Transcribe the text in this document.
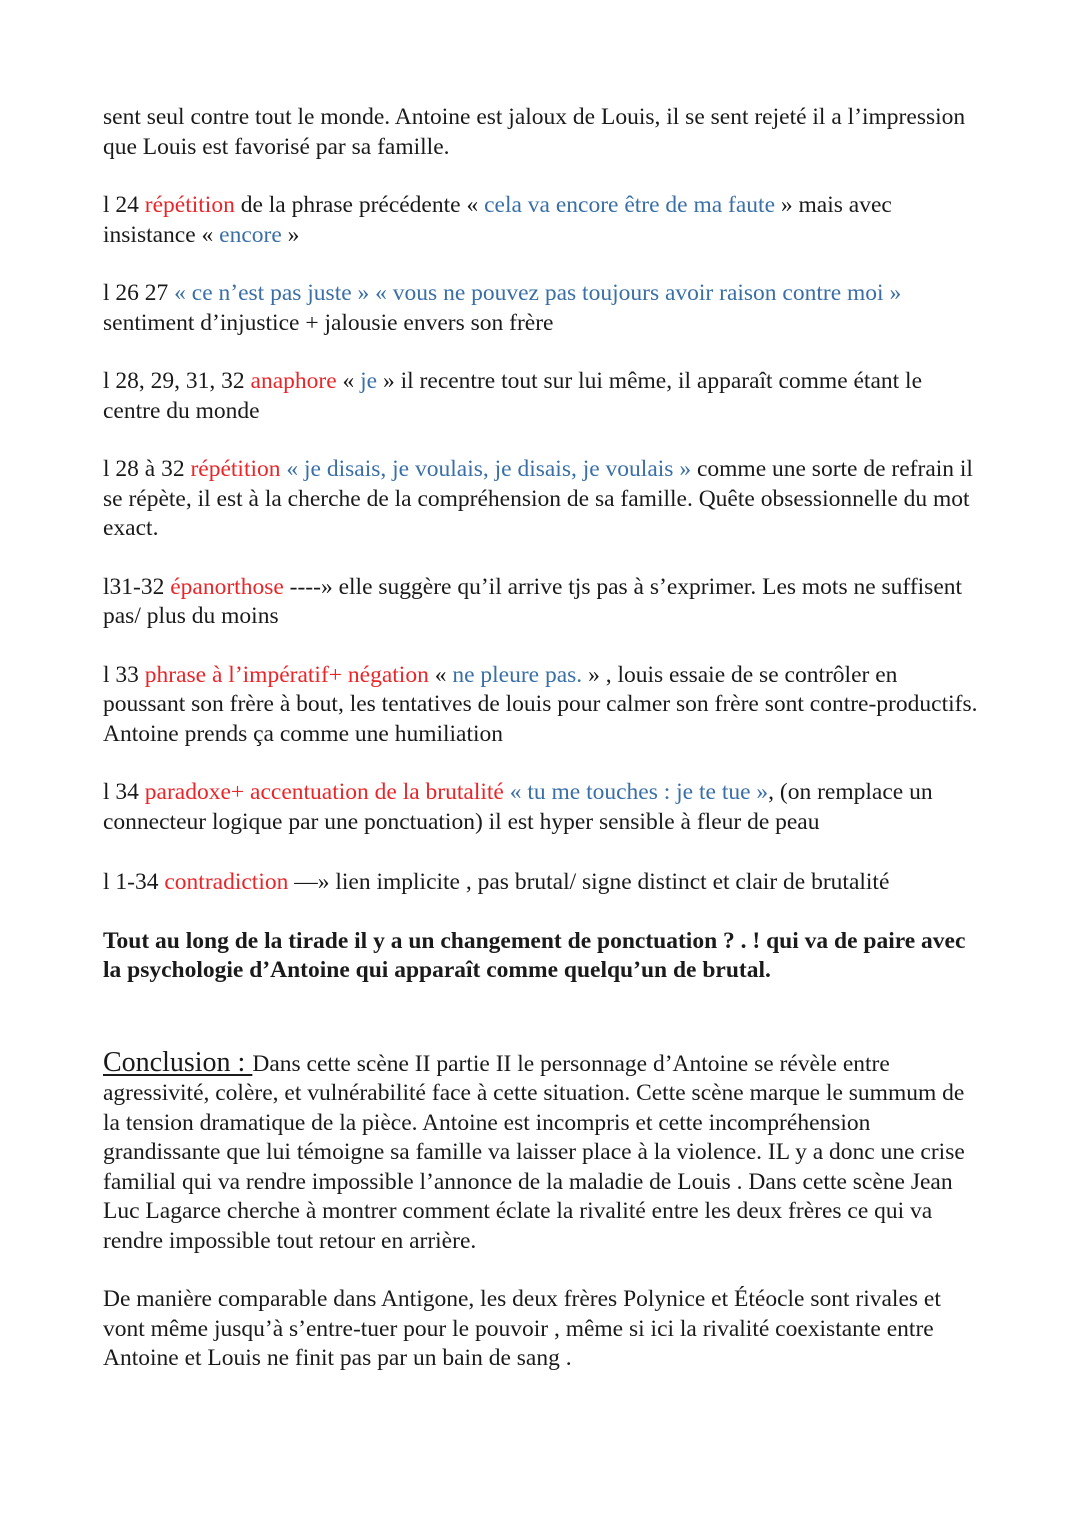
sent seul contre tout le monde. Antoine est jaloux de Louis, il se sent rejeté il a l’impression que Louis est favorisé par sa famille.

l 24 répétition de la phrase précédente « cela va encore être de ma faute » mais avec insistance « encore »

l 26 27 « ce n’est pas juste » « vous ne pouvez pas toujours avoir raison contre moi » sentiment d’injustice + jalousie envers son frère

l 28, 29, 31, 32 anaphore « je » il recentre tout sur lui même, il apparaît comme étant le centre du monde

l 28 à 32 répétition « je disais, je voulais, je disais, je voulais » comme une sorte de refrain il se répète, il est à la cherche de la compréhension de sa famille. Quête obsessionnelle du mot exact.

l31-32 épanorthose ----» elle suggère qu’il arrive tjs pas à s’exprimer. Les mots ne suffisent pas/ plus du moins

l 33 phrase à l’impératif+ négation « ne pleure pas. » , louis essaie de se contrôler en poussant son frère à bout, les tentatives de louis pour calmer son frère sont contre-productifs. Antoine prends ça comme une humiliation

l 34 paradoxe+ accentuation de la brutalité « tu me touches : je te tue », (on remplace un connecteur logique par une ponctuation) il est hyper sensible à fleur de peau

l 1-34 contradiction —» lien implicite , pas brutal/ signe distinct et clair de brutalité

Tout au long de la tirade il y a un changement de ponctuation ? . ! qui va de paire avec la psychologie d’Antoine qui apparaît comme quelqu’un de brutal.

Conclusion : Dans cette scène II partie II le personnage d’Antoine se révèle entre agressivité, colère, et vulnérabilité face à cette situation. Cette scène marque le summum de la tension dramatique de la pièce. Antoine est incompris et cette incompréhension grandissante que lui témoigne sa famille va laisser place à la violence. IL y a donc une crise familial qui va rendre impossible l’annonce de la maladie de Louis . Dans cette scène Jean Luc Lagarce cherche à montrer comment éclate la rivalité entre les deux frères ce qui va rendre impossible tout retour en arrière.

De manière comparable dans Antigone, les deux frères Polynice et Étéocle sont rivales et vont même jusqu’à s’entre-tuer pour le pouvoir , même si ici la rivalité coexistante entre Antoine et Louis ne finit pas par un bain de sang .
